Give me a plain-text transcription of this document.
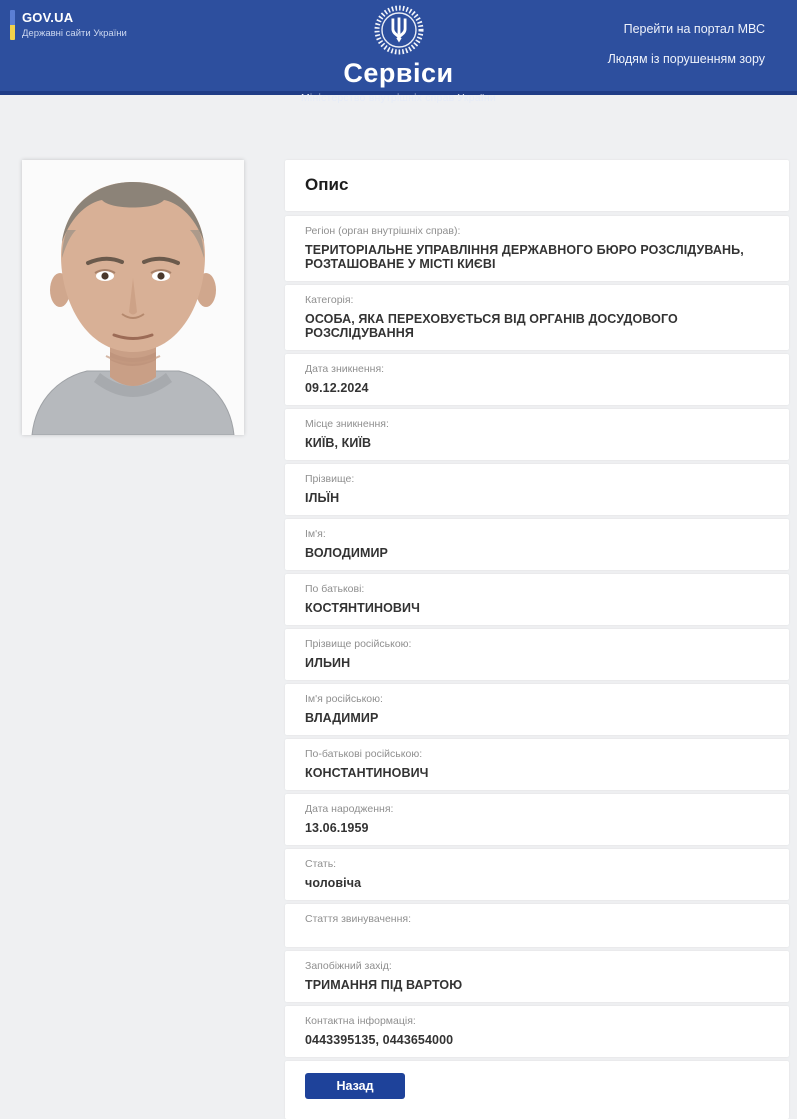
GOV.UA
Державні сайти України
Сервіси
Міністерство внутрішніх справ України
Перейти на портал МВС
Людям із порушенням зору
Опис
Регіон (орган внутрішніх справ):
ТЕРИТОРІАЛЬНЕ УПРАВЛІННЯ ДЕРЖАВНОГО БЮРО РОЗСЛІДУВАНЬ, РОЗТАШОВАНЕ У МІСТІ КИЄВІ
Категорія:
ОСОБА, ЯКА ПЕРЕХОВУЄТЬСЯ ВІД ОРГАНІВ ДОСУДОВОГО РОЗСЛІДУВАННЯ
Дата зникнення:
09.12.2024
Місце зникнення:
КИЇВ, КИЇВ
Прізвище:
ІЛЬЇН
Ім'я:
ВОЛОДИМИР
По батькові:
КОСТЯНТИНОВИЧ
Прізвище російською:
ИЛЬИН
Ім'я російською:
ВЛАДИМИР
По-батькові російською:
КОНСТАНТИНОВИЧ
Дата народження:
13.06.1959
Стать:
чоловіча
Стаття звинувачення:
Запобіжний захід:
ТРИМАННЯ ПІД ВАРТОЮ
Контактна інформація:
0443395135, 0443654000
Назад
